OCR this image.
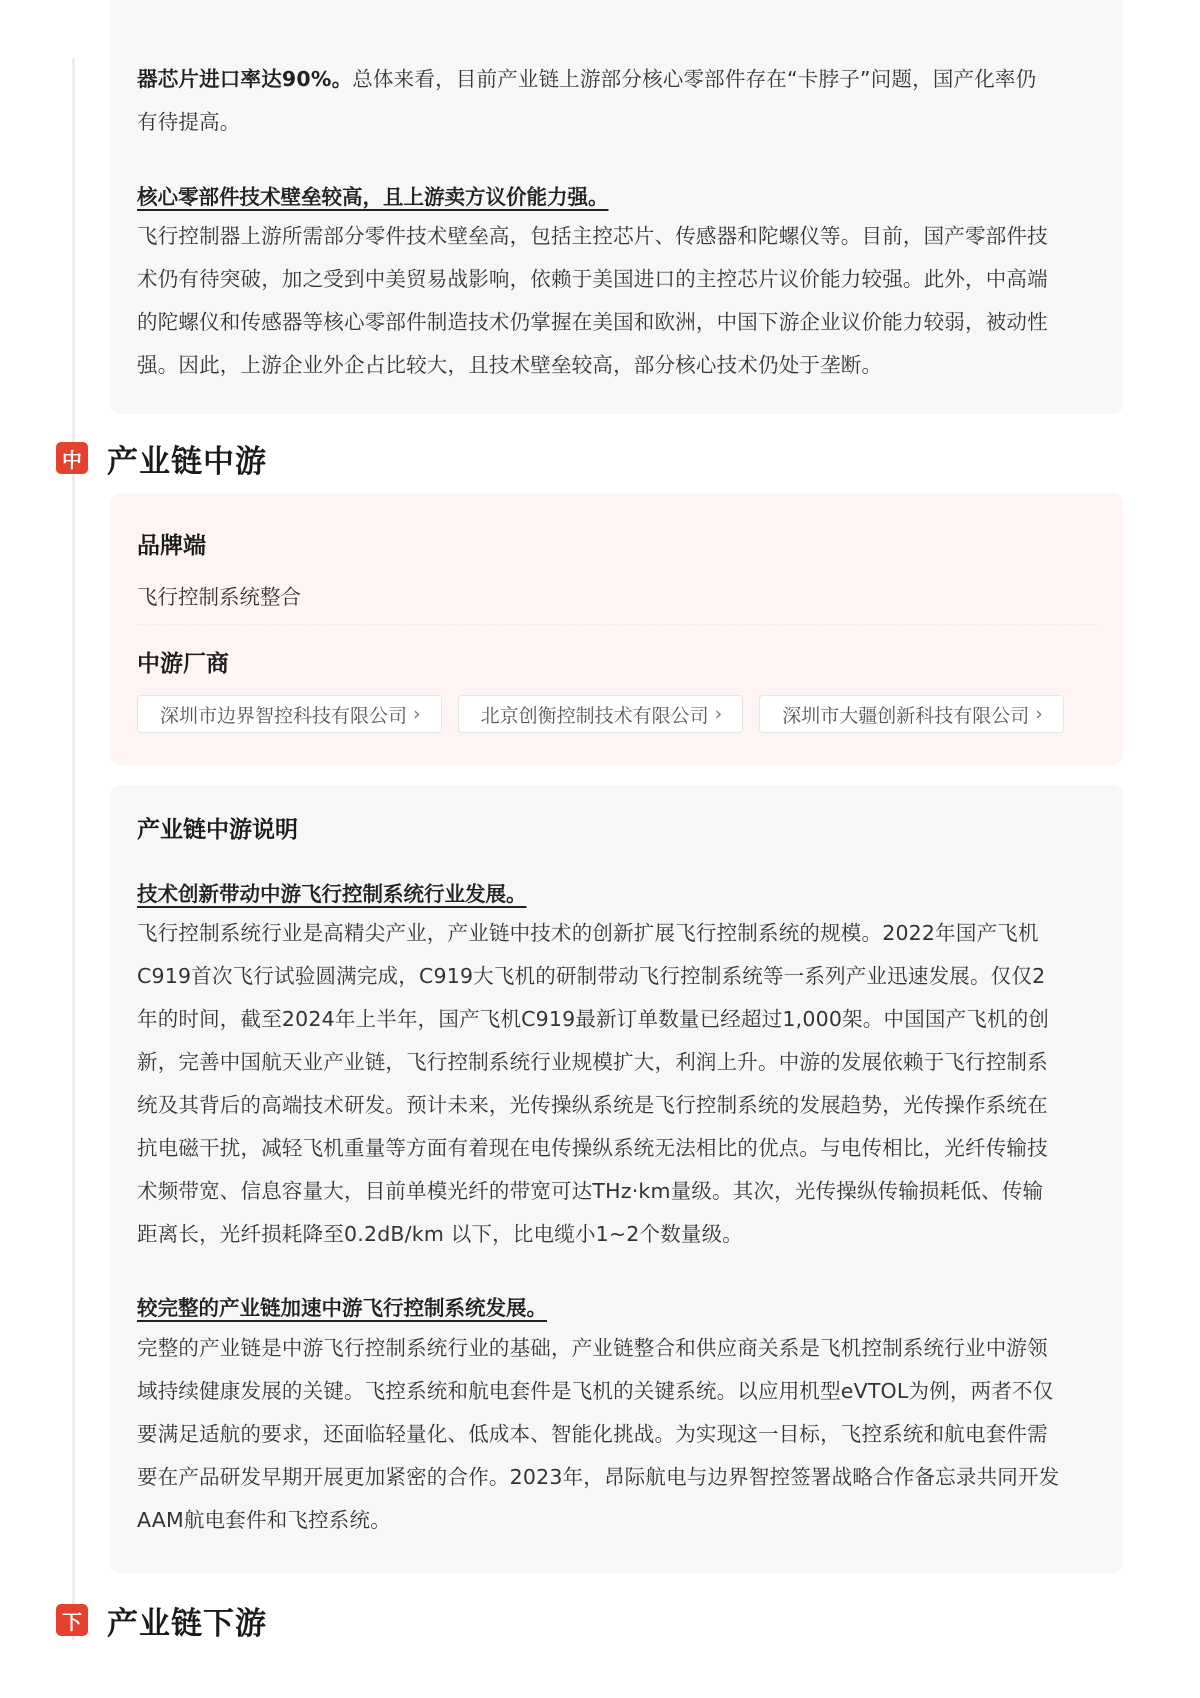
器芯片进口率达90%。总体来看，目前产业链上游部分核心零部件存在“卡脖子”问题，国产化率仍
有待提高。
核心零部件技术壁垒较高，且上游卖方议价能力强。
飞行控制器上游所需部分零件技术壁垒高，包括主控芯片、传感器和陀螺仪等。目前，国产零部件技
术仍有待突破，加之受到中美贸易战影响，依赖于美国进口的主控芯片议价能力较强。此外，中高端
的陀螺仪和传感器等核心零部件制造技术仍掌握在美国和欧洲，中国下游企业议价能力较弱，被动性
强。因此，上游企业外企占比较大，且技术壁垒较高，部分核心技术仍处于垄断。
中 产业链中游
品牌端
飞行控制系统整合
中游厂商
深圳市边界智控科技有限公司 ›	北京创衡控制技术有限公司 ›	深圳市大疆创新科技有限公司 ›
产业链中游说明
技术创新带动中游飞行控制系统行业发展。
飞行控制系统行业是高精尖产业，产业链中技术的创新扩展飞行控制系统的规模。2022年国产飞机
C919首次飞行试验圆满完成，C919大飞机的研制带动飞行控制系统等一系列产业迅速发展。仅仅2
年的时间，截至2024年上半年，国产飞机C919最新订单数量已经超过1,000架。中国国产飞机的创
新，完善中国航天业产业链，飞行控制系统行业规模扩大，利润上升。中游的发展依赖于飞行控制系
统及其背后的高端技术研发。预计未来，光传操纵系统是飞行控制系统的发展趋势，光传操作系统在
抗电磁干扰，减轻飞机重量等方面有着现在电传操纵系统无法相比的优点。与电传相比，光纤传输技
术频带宽、信息容量大，目前单模光纤的带宽可达THz·km量级。其次，光传操纵传输损耗低、传输
距离长，光纤损耗降至0.2dB/km 以下，比电缆小1~2个数量级。
较完整的产业链加速中游飞行控制系统发展。
完整的产业链是中游飞行控制系统行业的基础，产业链整合和供应商关系是飞机控制系统行业中游领
域持续健康发展的关键。飞控系统和航电套件是飞机的关键系统。以应用机型eVTOL为例，两者不仅
要满足适航的要求，还面临轻量化、低成本、智能化挑战。为实现这一目标，飞控系统和航电套件需
要在产品研发早期开展更加紧密的合作。2023年，昂际航电与边界智控签署战略合作备忘录共同开发
AAM航电套件和飞控系统。
下 产业链下游
